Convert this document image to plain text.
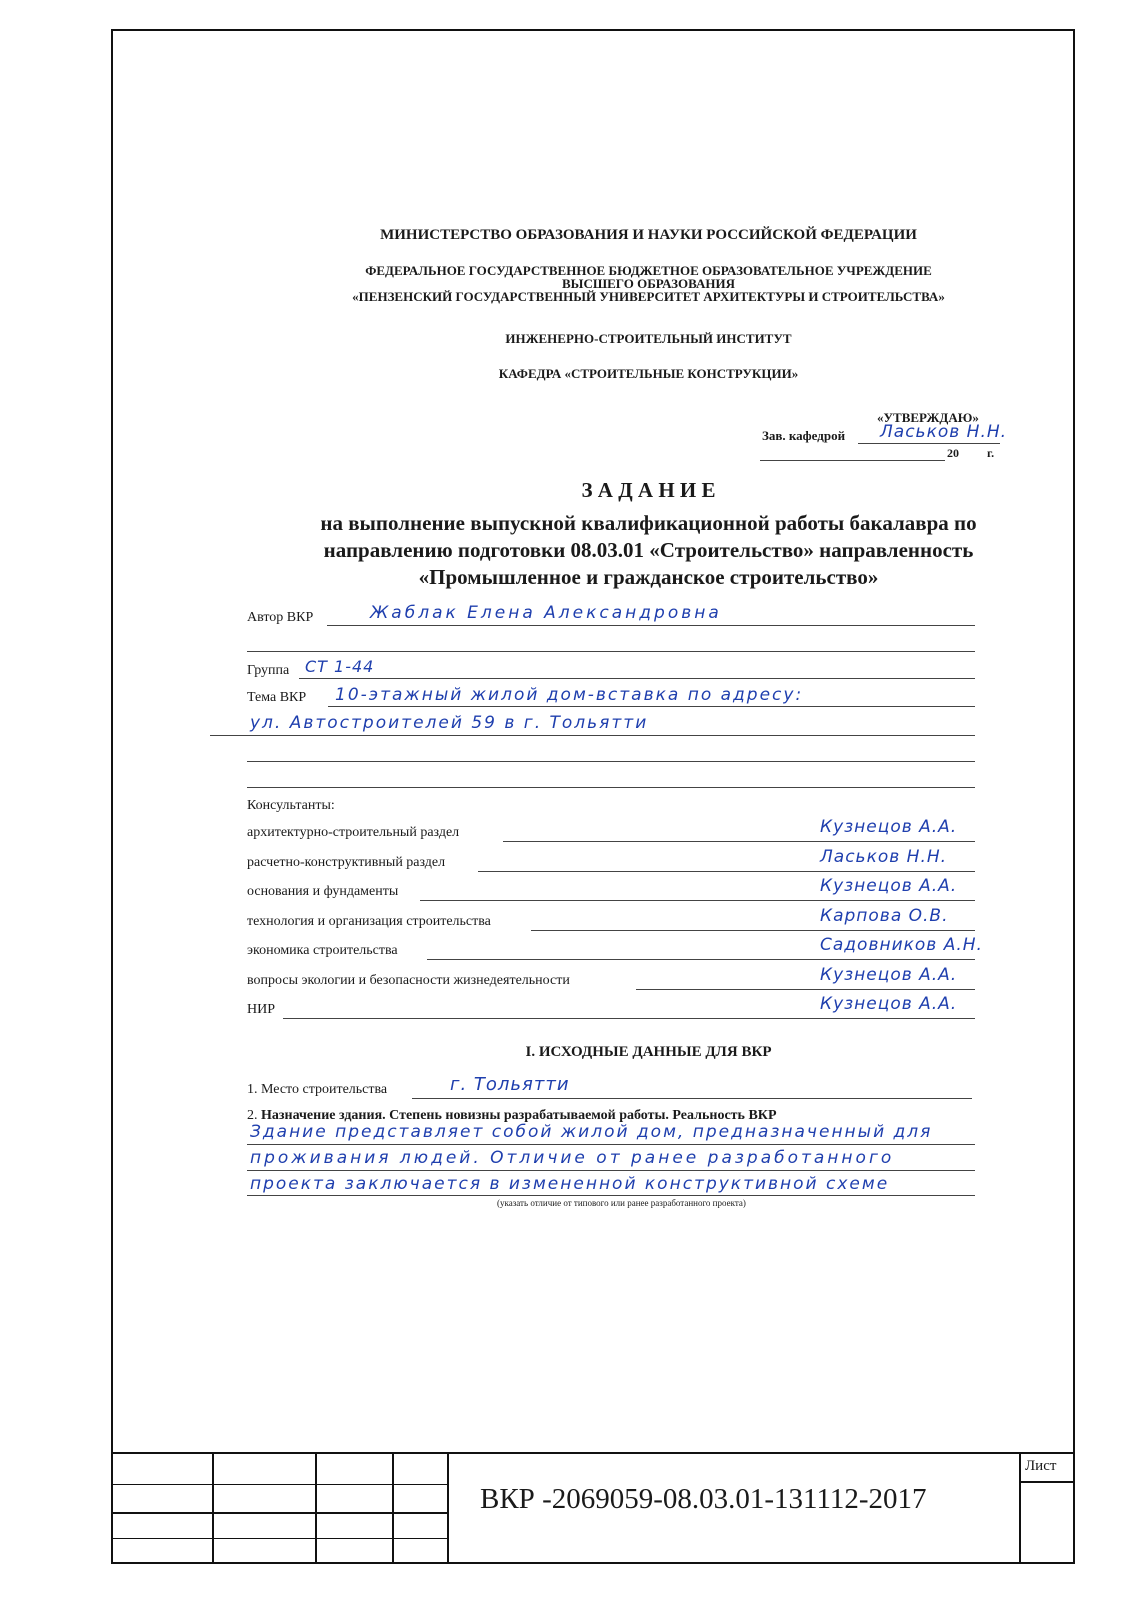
МИНИСТЕРСТВО ОБРАЗОВАНИЯ И НАУКИ РОССИЙСКОЙ ФЕДЕРАЦИИ
ФЕДЕРАЛЬНОЕ ГОСУДАРСТВЕННОЕ БЮДЖЕТНОЕ ОБРАЗОВАТЕЛЬНОЕ УЧРЕЖДЕНИЕ
ВЫСШЕГО ОБРАЗОВАНИЯ
«ПЕНЗЕНСКИЙ ГОСУДАРСТВЕННЫЙ УНИВЕРСИТЕТ АРХИТЕКТУРЫ И СТРОИТЕЛЬСТВА»
ИНЖЕНЕРНО-СТРОИТЕЛЬНЫЙ ИНСТИТУТ
КАФЕДРА «СТРОИТЕЛЬНЫЕ КОНСТРУКЦИИ»
«УТВЕРЖДАЮ»
Зав. кафедрой Ласьков Н.Н.
20 г.
З А Д А Н И Е
на выполнение выпускной квалификационной работы бакалавра по
направлению подготовки 08.03.01 «Строительство» направленность
«Промышленное и гражданское строительство»
Автор ВКР	Жаблак Елена Александровна
Группа СТ 1-44
Тема ВКР 10-этажный жилой дом-вставка по адресу:
ул. Автостроителей 59 в г. Тольятти
Консультанты:
архитектурно-строительный раздел	Кузнецов А.А.
расчетно-конструктивный раздел	Ласьков Н.Н.
основания и фундаменты	Кузнецов А.А.
технология и организация строительства	Карпова О.В.
экономика строительства	Садовников А.Н.
вопросы экологии и безопасности жизнедеятельности	Кузнецов А.А.
НИР	Кузнецов А.А.
I. ИСХОДНЫЕ ДАННЫЕ ДЛЯ ВКР
1. Место строительства	г. Тольятти
2. Назначение здания. Степень новизны разрабатываемой работы. Реальность ВКР
Здание представляет собой жилой дом, предназначенный для
проживания людей. Отличие от ранее разработанного
проекта заключается в измененной конструктивной схеме
(указать отличие от типового или ранее разработанного проекта)
Лист
ВКР -2069059-08.03.01-131112-2017
